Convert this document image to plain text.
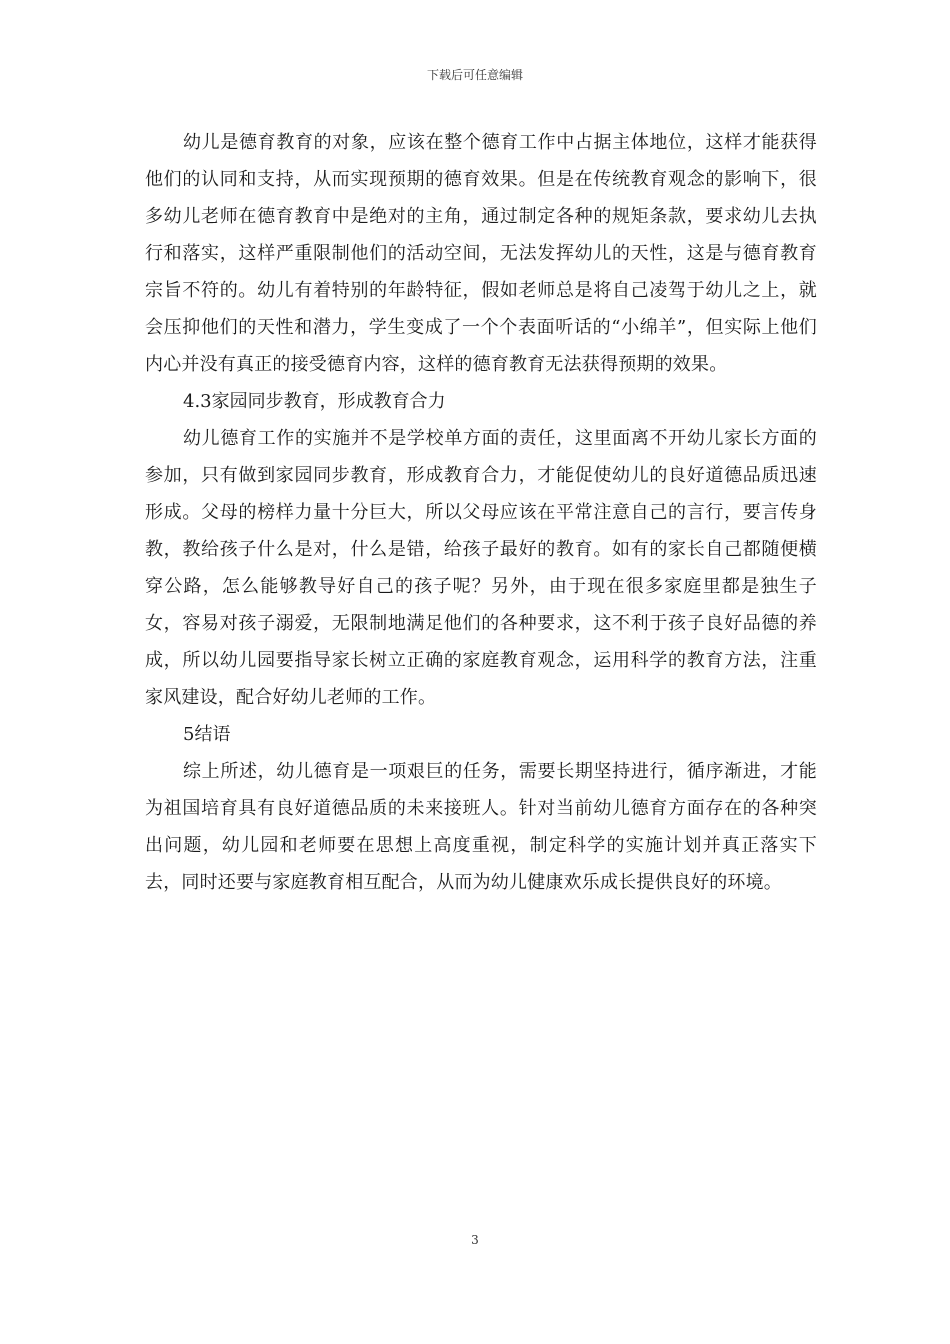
下载后可任意编辑

幼儿是德育教育的对象，应该在整个德育工作中占据主体地位，这样才能获得他们的认同和支持，从而实现预期的德育效果。但是在传统教育观念的影响下，很多幼儿老师在德育教育中是绝对的主角，通过制定各种的规矩条款，要求幼儿去执行和落实，这样严重限制他们的活动空间，无法发挥幼儿的天性，这是与德育教育宗旨不符的。幼儿有着特别的年龄特征，假如老师总是将自己凌驾于幼儿之上，就会压抑他们的天性和潜力，学生变成了一个个表面听话的“小绵羊”，但实际上他们内心并没有真正的接受德育内容，这样的德育教育无法获得预期的效果。

4.3家园同步教育，形成教育合力

幼儿德育工作的实施并不是学校单方面的责任，这里面离不开幼儿家长方面的参加，只有做到家园同步教育，形成教育合力，才能促使幼儿的良好道德品质迅速形成。父母的榜样力量十分巨大，所以父母应该在平常注意自己的言行，要言传身教，教给孩子什么是对，什么是错，给孩子最好的教育。如有的家长自己都随便横穿公路，怎么能够教导好自己的孩子呢？另外，由于现在很多家庭里都是独生子女，容易对孩子溺爱，无限制地满足他们的各种要求，这不利于孩子良好品德的养成，所以幼儿园要指导家长树立正确的家庭教育观念，运用科学的教育方法，注重家风建设，配合好幼儿老师的工作。

5结语

综上所述，幼儿德育是一项艰巨的任务，需要长期坚持进行，循序渐进，才能为祖国培育具有良好道德品质的未来接班人。针对当前幼儿德育方面存在的各种突出问题，幼儿园和老师要在思想上高度重视，制定科学的实施计划并真正落实下去，同时还要与家庭教育相互配合，从而为幼儿健康欢乐成长提供良好的环境。

3
